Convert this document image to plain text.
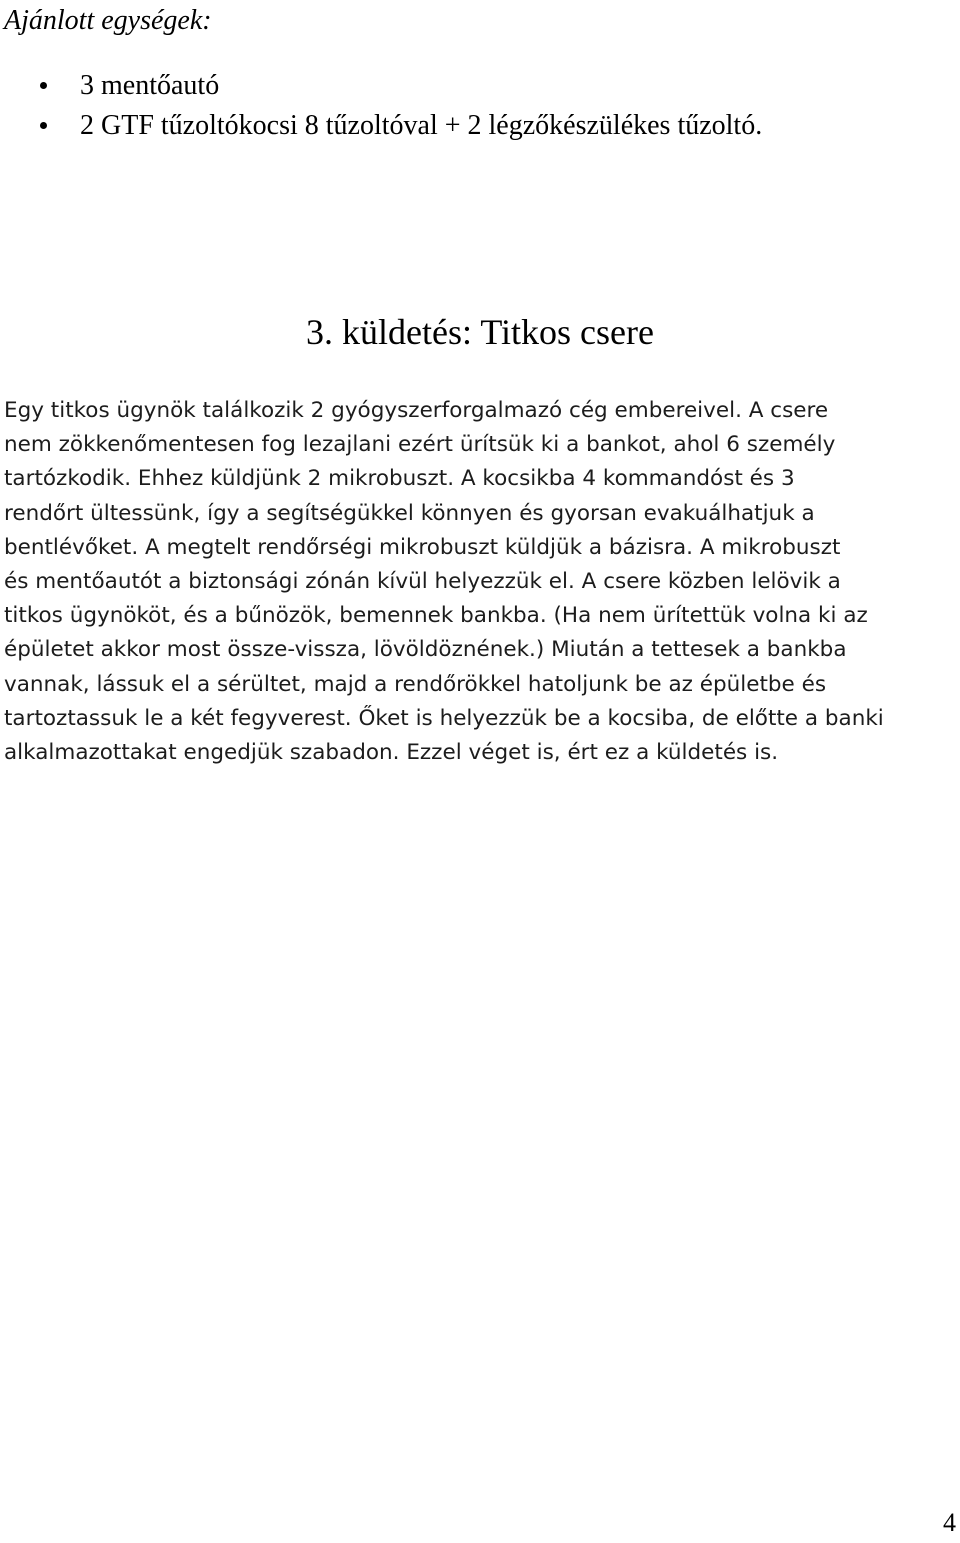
Ajánlott egységek:
3 mentőautó
2 GTF tűzoltókocsi 8 tűzoltóval + 2 légzőkészülékes tűzoltó.
3. küldetés: Titkos csere

Egy titkos ügynök találkozik 2 gyógyszerforgalmazó cég embereivel. A csere
nem zökkenőmentesen fog lezajlani ezért ürítsük ki a bankot, ahol 6 személy
tartózkodik. Ehhez küldjünk 2 mikrobuszt. A kocsikba 4 kommandóst és 3
rendőrt ültessünk, így a segítségükkel könnyen és gyorsan evakuálhatjuk a
bentlévőket. A megtelt rendőrségi mikrobuszt küldjük a bázisra. A mikrobuszt
és mentőautót a biztonsági zónán kívül helyezzük el. A csere közben lelövik a
titkos ügynököt, és a bűnözök, bemennek bankba. (Ha nem ürítettük volna ki az
épületet akkor most össze-vissza, lövöldöznének.) Miután a tettesek a bankba
vannak, lássuk el a sérültet, majd a rendőrökkel hatoljunk be az épületbe és
tartoztassuk le a két fegyverest. Őket is helyezzük be a kocsiba, de előtte a banki
alkalmazottakat engedjük szabadon. Ezzel véget is, ért ez a küldetés is.

4
